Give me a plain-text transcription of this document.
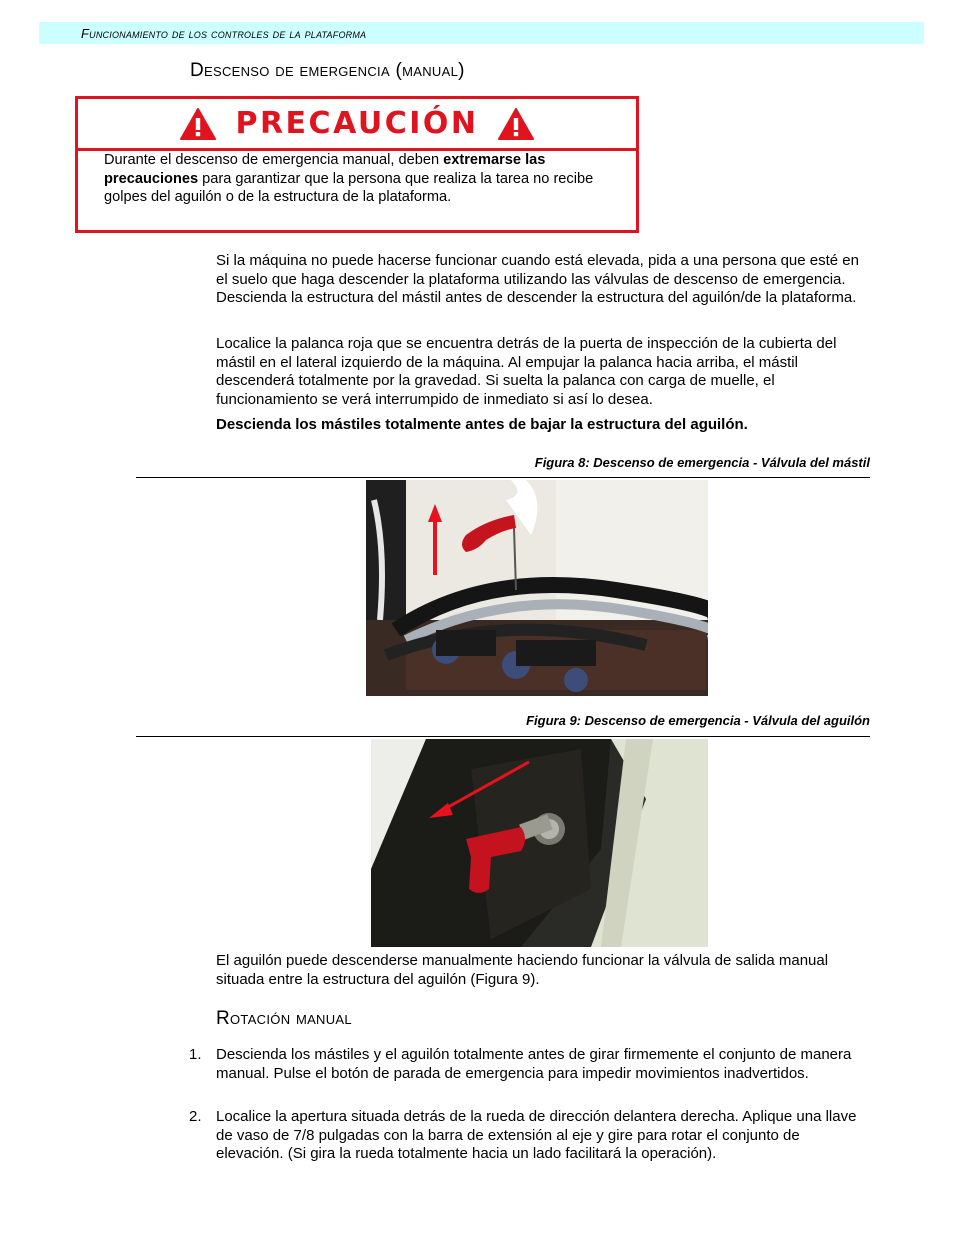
Funcionamiento de los controles de la plataforma
Descenso de emergencia (manual)
PRECAUCIÓN
Durante el descenso de emergencia manual, deben extremarse las precauciones para garantizar que la persona que realiza la tarea no recibe golpes del aguilón o de la estructura de la plataforma.
Si la máquina no puede hacerse funcionar cuando está elevada, pida a una persona que esté en el suelo que haga descender la plataforma utilizando las válvulas de descenso de emergencia. Descienda la estructura del mástil antes de descender la estructura del aguilón/de la plataforma.
Localice la palanca roja que se encuentra detrás de la puerta de inspección de la cubierta del mástil en el lateral izquierdo de la máquina. Al empujar la palanca hacia arriba, el mástil descenderá totalmente por la gravedad. Si suelta la palanca con carga de muelle, el funcionamiento se verá interrumpido de inmediato si así lo desea.
Descienda los mástiles totalmente antes de bajar la estructura del aguilón.
Figura 8: Descenso de emergencia - Válvula del mástil
Figura 9: Descenso de emergencia - Válvula del aguilón
El aguilón puede descenderse manualmente haciendo funcionar la válvula de salida manual situada entre la estructura del aguilón (Figura 9).
Rotación manual
1. Descienda los mástiles y el aguilón totalmente antes de girar firmemente el conjunto de manera manual. Pulse el botón de parada de emergencia para impedir movimientos inadvertidos.
2. Localice la apertura situada detrás de la rueda de dirección delantera derecha. Aplique una llave de vaso de 7/8 pulgadas con la barra de extensión al eje y gire para rotar el conjunto de elevación. (Si gira la rueda totalmente hacia un lado facilitará la operación).
